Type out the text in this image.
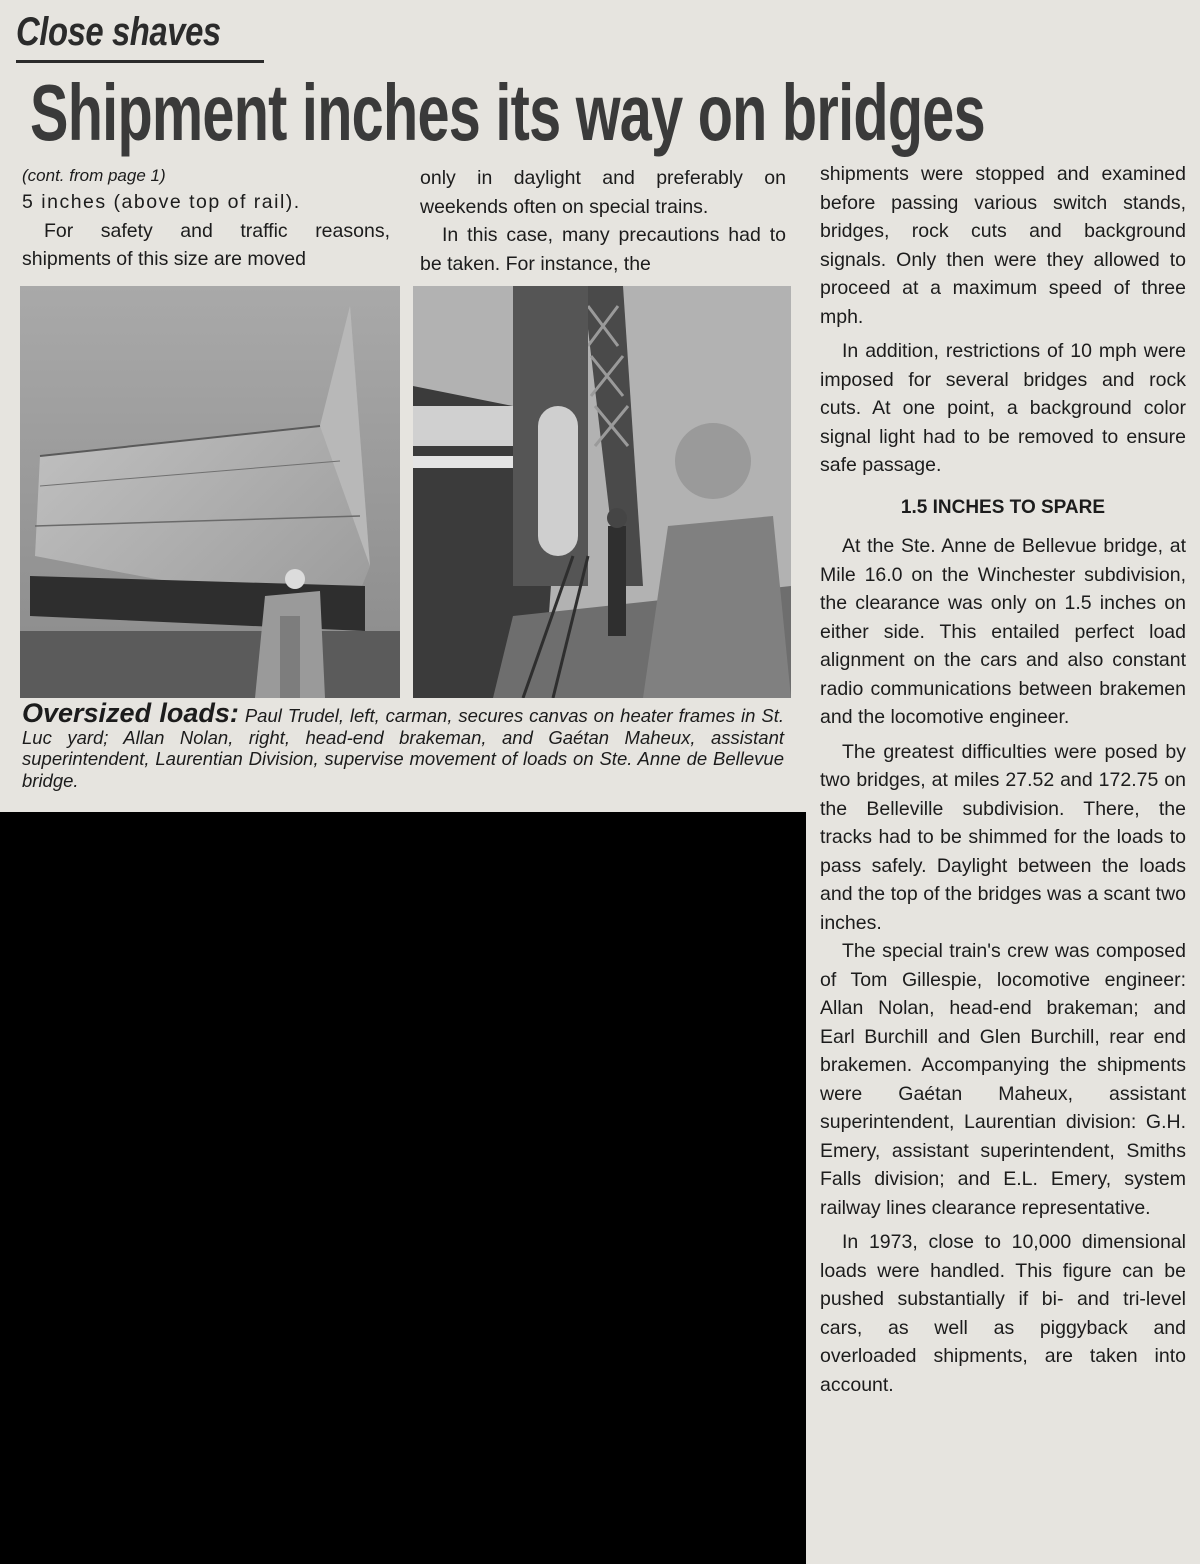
Close shaves
Shipment inches its way on bridges

(cont. from page 1)

5 inches (above top of rail).

For safety and traffic reasons, shipments of this size are moved

only in daylight and preferably on weekends often on special trains.

In this case, many precautions had to be taken. For instance, the

Oversized loads: Paul Trudel, left, carman, secures canvas on heater frames in St. Luc yard; Allan Nolan, right, head-end brakeman, and Gaétan Maheux, assistant superintendent, Laurentian Division, supervise movement of loads on Ste. Anne de Bellevue bridge.

shipments were stopped and examined before passing various switch stands, bridges, rock cuts and background signals. Only then were they allowed to proceed at a maximum speed of three mph.

In addition, restrictions of 10 mph were imposed for several bridges and rock cuts. At one point, a background color signal light had to be removed to ensure safe passage.

1.5 INCHES TO SPARE

At the Ste. Anne de Bellevue bridge, at Mile 16.0 on the Winchester subdivision, the clearance was only on 1.5 inches on either side. This entailed perfect load alignment on the cars and also constant radio communications between brakemen and the locomotive engineer.

The greatest difficulties were posed by two bridges, at miles 27.52 and 172.75 on the Belleville subdivision. There, the tracks had to be shimmed for the loads to pass safely. Daylight between the loads and the top of the bridges was a scant two inches.

The special train's crew was composed of Tom Gillespie, locomotive engineer: Allan Nolan, head-end brakeman; and Earl Burchill and Glen Burchill, rear end brakemen. Accompanying the shipments were Gaétan Maheux, assistant superintendent, Laurentian division: G.H. Emery, assistant superintendent, Smiths Falls division; and E.L. Emery, system railway lines clearance representative.

In 1973, close to 10,000 dimensional loads were handled. This figure can be pushed substantially if bi- and tri-level cars, as well as piggyback and overloaded shipments, are taken into account.
